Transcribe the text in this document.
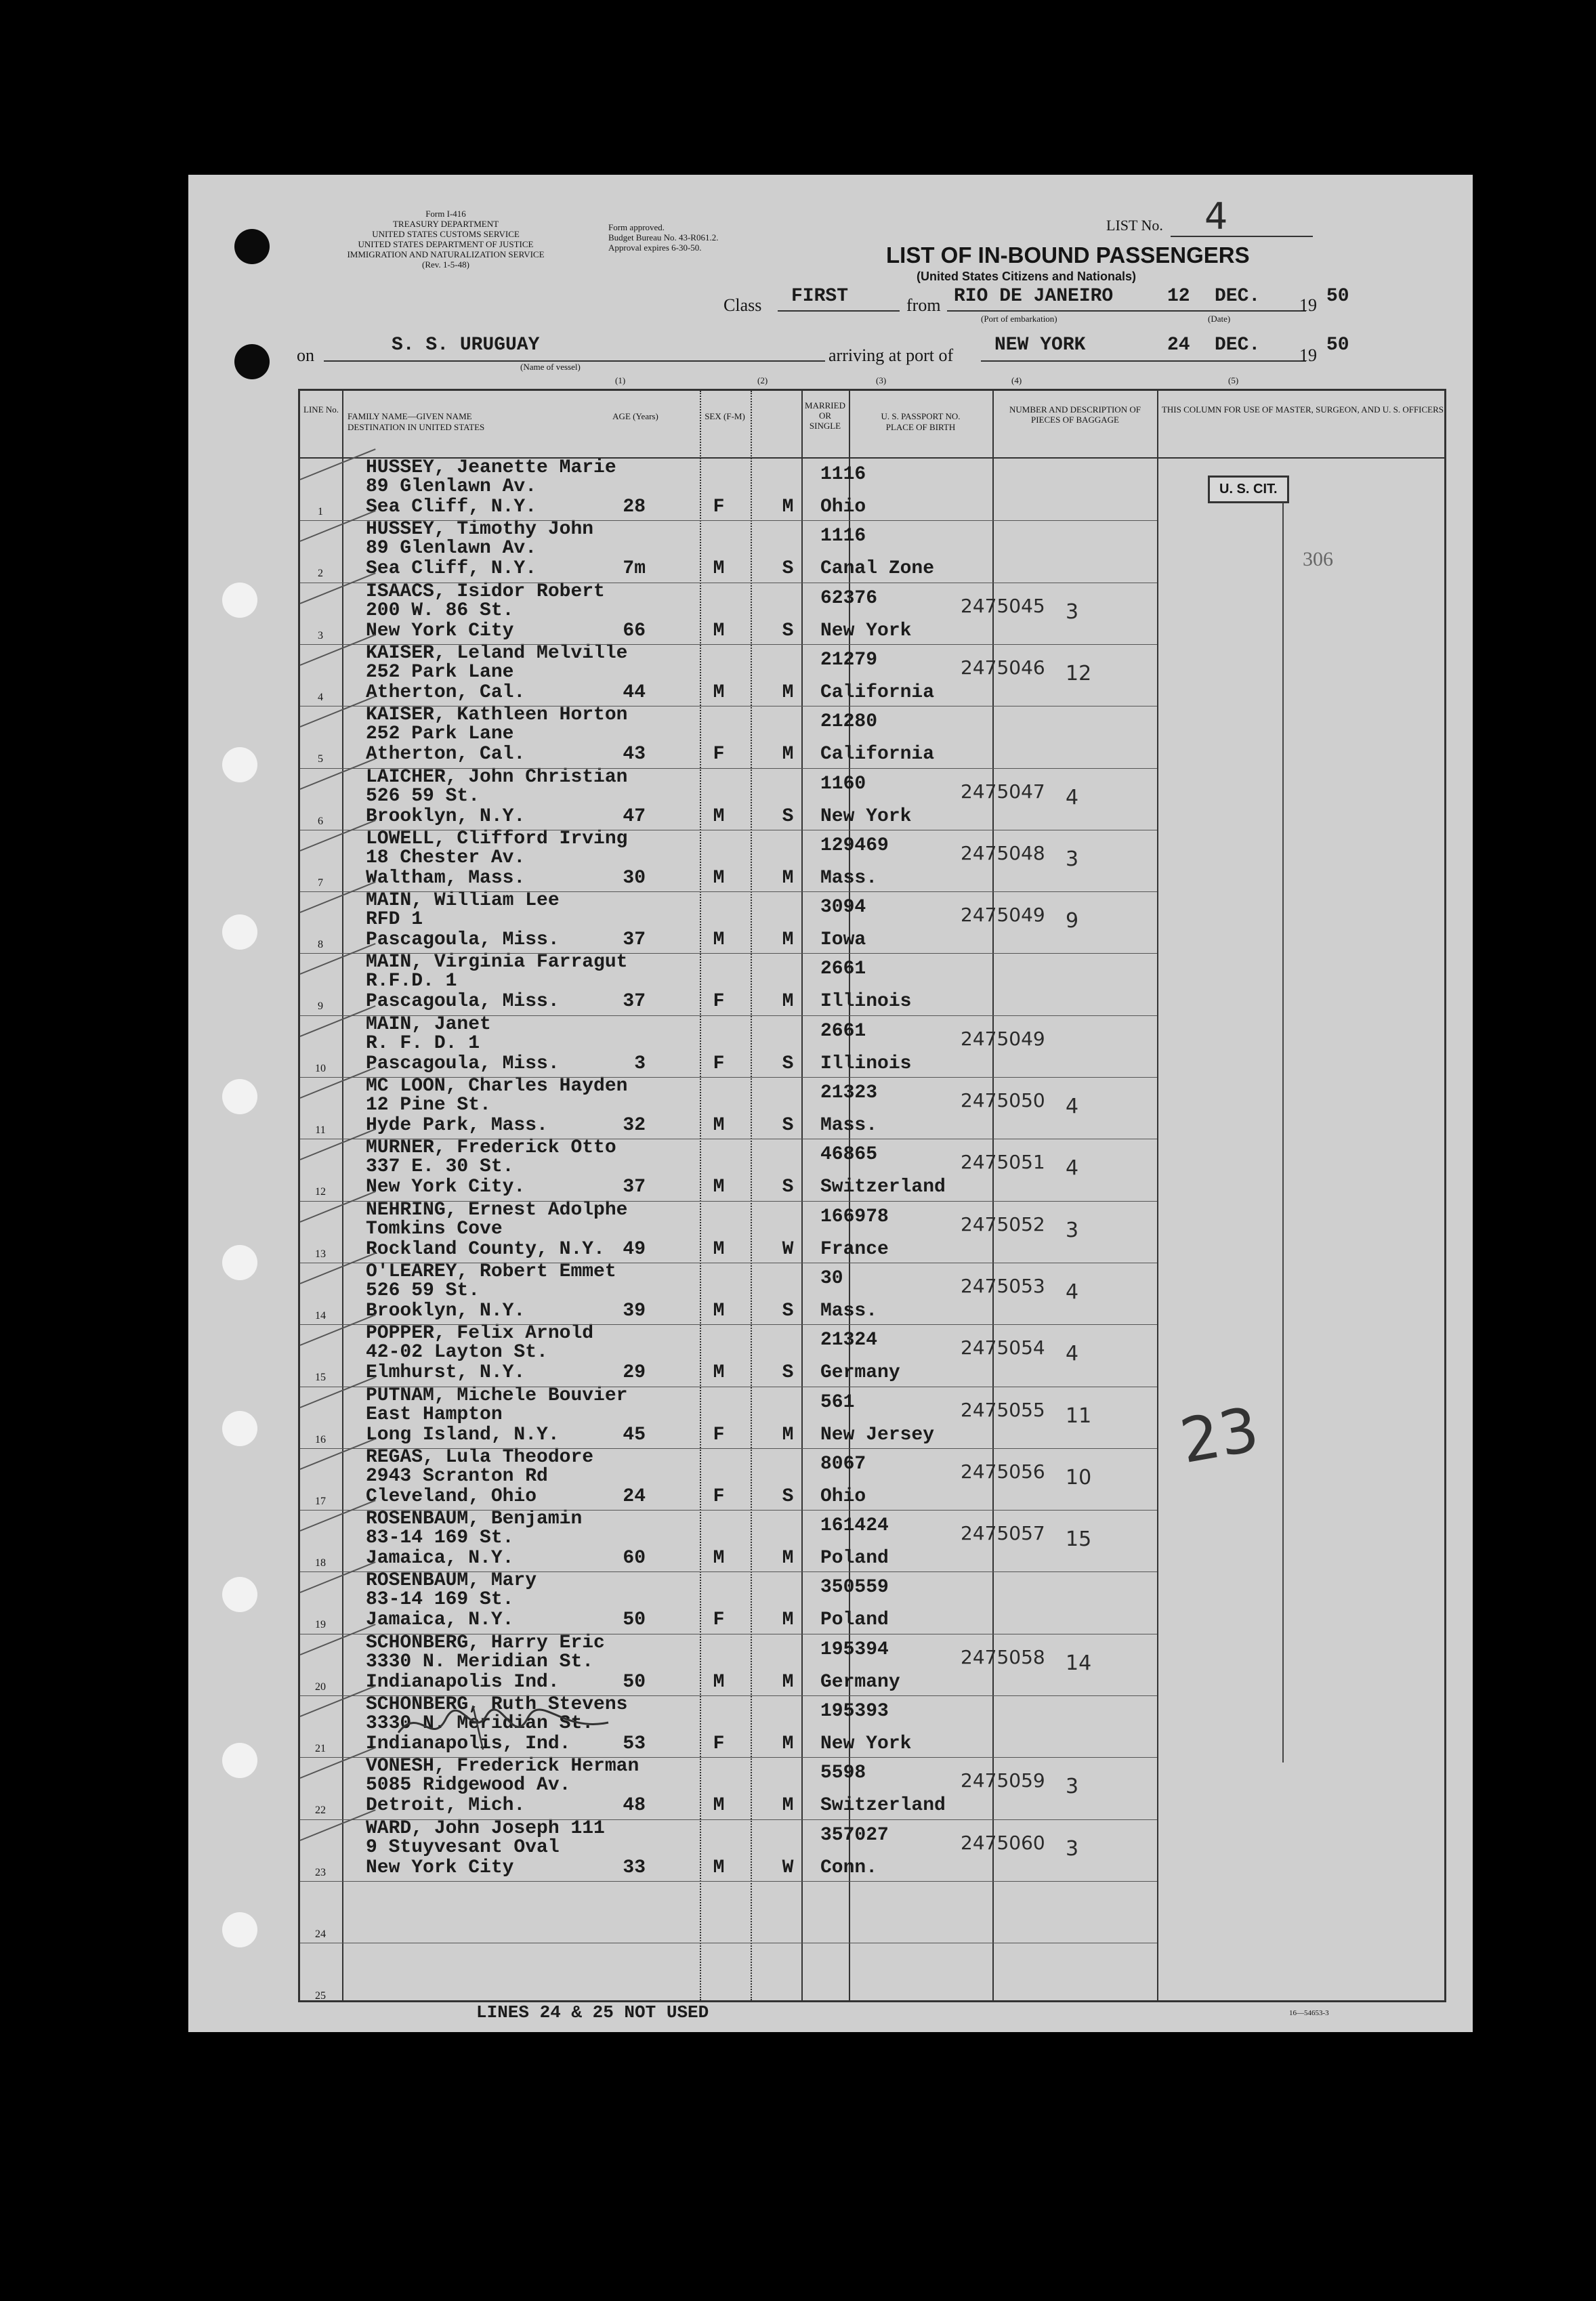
Form I-416
TREASURY DEPARTMENT
UNITED STATES CUSTOMS SERVICE
UNITED STATES DEPARTMENT OF JUSTICE
IMMIGRATION AND NATURALIZATION SERVICE
(Rev. 1-5-48)
Form approved.
Budget Bureau No. 43-R061.2.
Approval expires 6-30-50.
LIST No. 4
LIST OF IN-BOUND PASSENGERS
(United States Citizens and Nationals)
Class FIRST	from RIO DE JANEIRO	12 DEC. 19 50
(Port of embarkation)	(Date)
on	S. S. URUGUAY
(Name of vessel)
arriving at port of NEW YORK	24 DEC. 19 50
(1)	(2)	(3)	(4)	(5)
LINE No.
FAMILY NAME—GIVEN NAME
DESTINATION IN UNITED STATES
AGE (Years)	SEX (F-M)
MARRIED OR SINGLE
U. S. PASSPORT NO.
PLACE OF BIRTH
NUMBER AND DESCRIPTION OF PIECES OF BAGGAGE
THIS COLUMN FOR USE OF MASTER, SURGEON, AND U. S. OFFICERS
1
HUSSEY, Jeanette Marie
89 Glenlawn Av.
Sea Cliff, N.Y.	28	F	M
1116
Ohio
2
HUSSEY, Timothy John
89 Glenlawn Av.
Sea Cliff, N.Y.	7m	M	S
1116
Canal Zone
3
ISAACS, Isidor Robert
200 W. 86 St.
New York City	66	M	S
62376
New York
2475045 3
4
KAISER, Leland Melville
252 Park Lane
Atherton, Cal.	44	M	M
21279
California
2475046 12
5
KAISER, Kathleen Horton
252 Park Lane
Atherton, Cal.	43	F	M
21280
California
6
LAICHER, John Christian
526 59 St.
Brooklyn, N.Y.	47	M	S
1160
New York
2475047 4
7
LOWELL, Clifford Irving
18 Chester Av.
Waltham, Mass.	30	M	M
129469
Mass.
2475048 3
8
MAIN, William Lee
RFD 1
Pascagoula, Miss.	37	M	M
3094
Iowa
2475049 9
9
MAIN, Virginia Farragut
R.F.D. 1
Pascagoula, Miss.	37	F	M
2661
Illinois
10
MAIN, Janet
R. F. D. 1
Pascagoula, Miss.	3	F	S
2661
Illinois
2475049
11
MC LOON, Charles Hayden
12 Pine St.
Hyde Park, Mass.	32	M	S
21323
Mass.
2475050 4
12
MURNER, Frederick Otto
337 E. 30 St.
New York City.	37	M	S
46865
Switzerland
2475051 4
13
NEHRING, Ernest Adolphe
Tomkins Cove
Rockland County, N.Y. 49	M	W
166978
France
2475052 3
14
O'LEAREY, Robert Emmet
526 59 St.
Brooklyn, N.Y.	39	M	S
30
Mass.
2475053 4
15
POPPER, Felix Arnold
42-02 Layton St.
Elmhurst, N.Y.	29	M	S
21324
Germany
2475054 4
16
PUTNAM, Michele Bouvier
East Hampton
Long Island, N.Y.	45	F	M
561
New Jersey
2475055 11
17
REGAS, Lula Theodore
2943 Scranton Rd
Cleveland, Ohio	24	F	S
8067
Ohio
2475056 10
18
ROSENBAUM, Benjamin
83-14 169 St.
Jamaica, N.Y.	60	M	M
161424
Poland
2475057 15
19
ROSENBAUM, Mary
83-14 169 St.
Jamaica, N.Y.	50	F	M
350559
Poland
20
SCHONBERG, Harry Eric
3330 N. Meridian St.
Indianapolis Ind.	50	M	M
195394
Germany
2475058 14
21
SCHONBERG, Ruth Stevens
3330 N. Meridian St.
Indianapolis, Ind.	53	F	M
195393
New York
22
VONESH, Frederick Herman
5085 Ridgewood Av.
Detroit, Mich.	48	M	M
5598
Switzerland
2475059 3
23
WARD, John Joseph 111
9 Stuyvesant Oval
New York City	33	M	W
357027
Conn.
2475060 3
24
25
U. S. CIT.
306
23
LINES 24 & 25 NOT USED	16—54653-3
